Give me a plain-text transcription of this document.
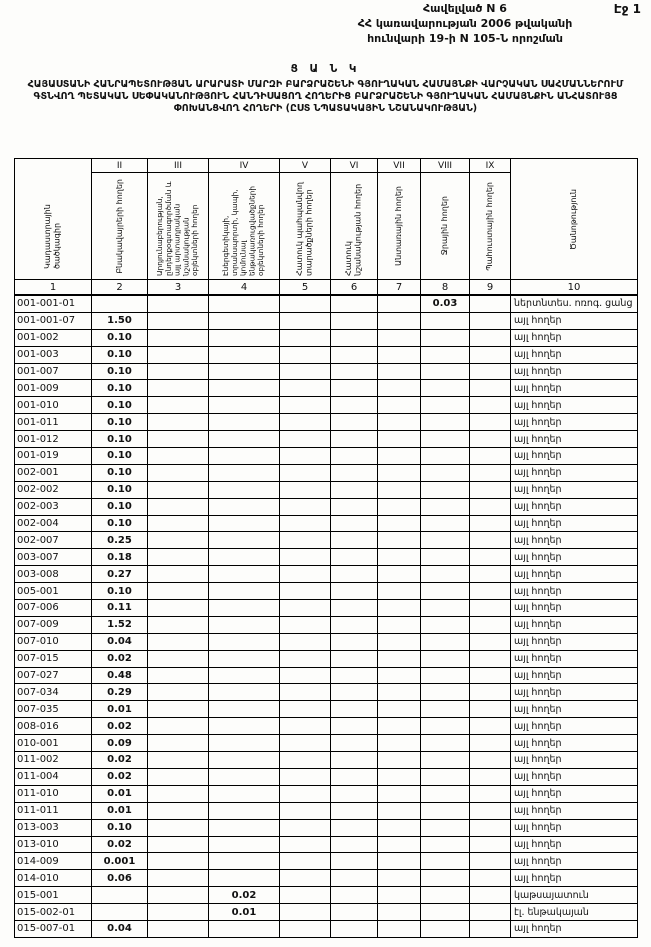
Էջ 1
Հավելված N 6
ՀՀ կառավարության 2006 թվականի
հունվարի 19-ի N 105-Ն որոշման
Ց Ա Ն Կ
ՀԱՅԱՍՏԱՆԻ ՀԱՆՐԱՊԵՏՈՒԹՅԱՆ ԱՐԱՐԱՏԻ ՄԱՐԶԻ ԲԱՐՁՐԱՇԵՆԻ ԳՅՈՒՂԱԿԱՆ ՀԱՄԱՅՆՔԻ ՎԱՐՉԱԿԱՆ ՍԱՀՄԱՆՆԵՐՈՒՄ ԳՏՆՎՈՂ ՊԵՏԱԿԱՆ ՍԵՓԱԿԱՆՈՒԹՅՈՒՆ ՀԱՆԴԻՍԱՑՈՂ ՀՈՂԵՐԻՑ ԲԱՐՁՐԱՇԵՆԻ ԳՅՈՒՂԱԿԱՆ ՀԱՄԱՅՆՔԻՆ ԱՆՀԱՏՈՒՅՑ ՓՈԽԱՆՑՎՈՂ ՀՈՂԵՐԻ (ԸՍՏ ՆՊԱՏԱԿԱՅԻՆ ՆՇԱՆԱԿՈՒԹՅԱՆ)
Կադաստրային ծածկագիր	II	III	IV	V	VI	VII	VIII	IX	Ծանոթություն

	Բնակավայրերի հողեր	Արդյունաբերության, ընդերքօգտագործման և այլ արտադրական նշանակության օբյեկտների հողեր	Էներգետիկայի, տրանսպորտի, կապի, կոմունալ ենթակառուցվածքների օբյեկտների հողեր	Հատուկ պահպանվող տարածքների հողեր	Հատուկ նշանակության հողեր	Անտառային հողեր	Ջրային հողեր	Պահուստային հողեր	

1	2	3	4	5	6	7	8	9	10
001-001-01							0.03		ներտնտես. ոռոգ. ցանց
001-001-07	1.50								այլ հողեր
001-002	0.10								այլ հողեր
001-003	0.10								այլ հողեր
001-007	0.10								այլ հողեր
001-009	0.10								այլ հողեր
001-010	0.10								այլ հողեր
001-011	0.10								այլ հողեր
001-012	0.10								այլ հողեր
001-019	0.10								այլ հողեր
002-001	0.10								այլ հողեր
002-002	0.10								այլ հողեր
002-003	0.10								այլ հողեր
002-004	0.10								այլ հողեր
002-007	0.25								այլ հողեր
003-007	0.18								այլ հողեր
003-008	0.27								այլ հողեր
005-001	0.10								այլ հողեր
007-006	0.11								այլ հողեր
007-009	1.52								այլ հողեր
007-010	0.04								այլ հողեր
007-015	0.02								այլ հողեր
007-027	0.48								այլ հողեր
007-034	0.29								այլ հողեր
007-035	0.01								այլ հողեր
008-016	0.02								այլ հողեր
010-001	0.09								այլ հողեր
011-002	0.02								այլ հողեր
011-004	0.02								այլ հողեր
011-010	0.01								այլ հողեր
011-011	0.01								այլ հողեր
013-003	0.10								այլ հողեր
013-010	0.02								այլ հողեր
014-009	0.001								այլ հողեր
014-010	0.06								այլ հողեր
015-001			0.02						կաթսայատուն
015-002-01			0.01						էլ. ենթակայան
015-007-01	0.04								այլ հողեր
